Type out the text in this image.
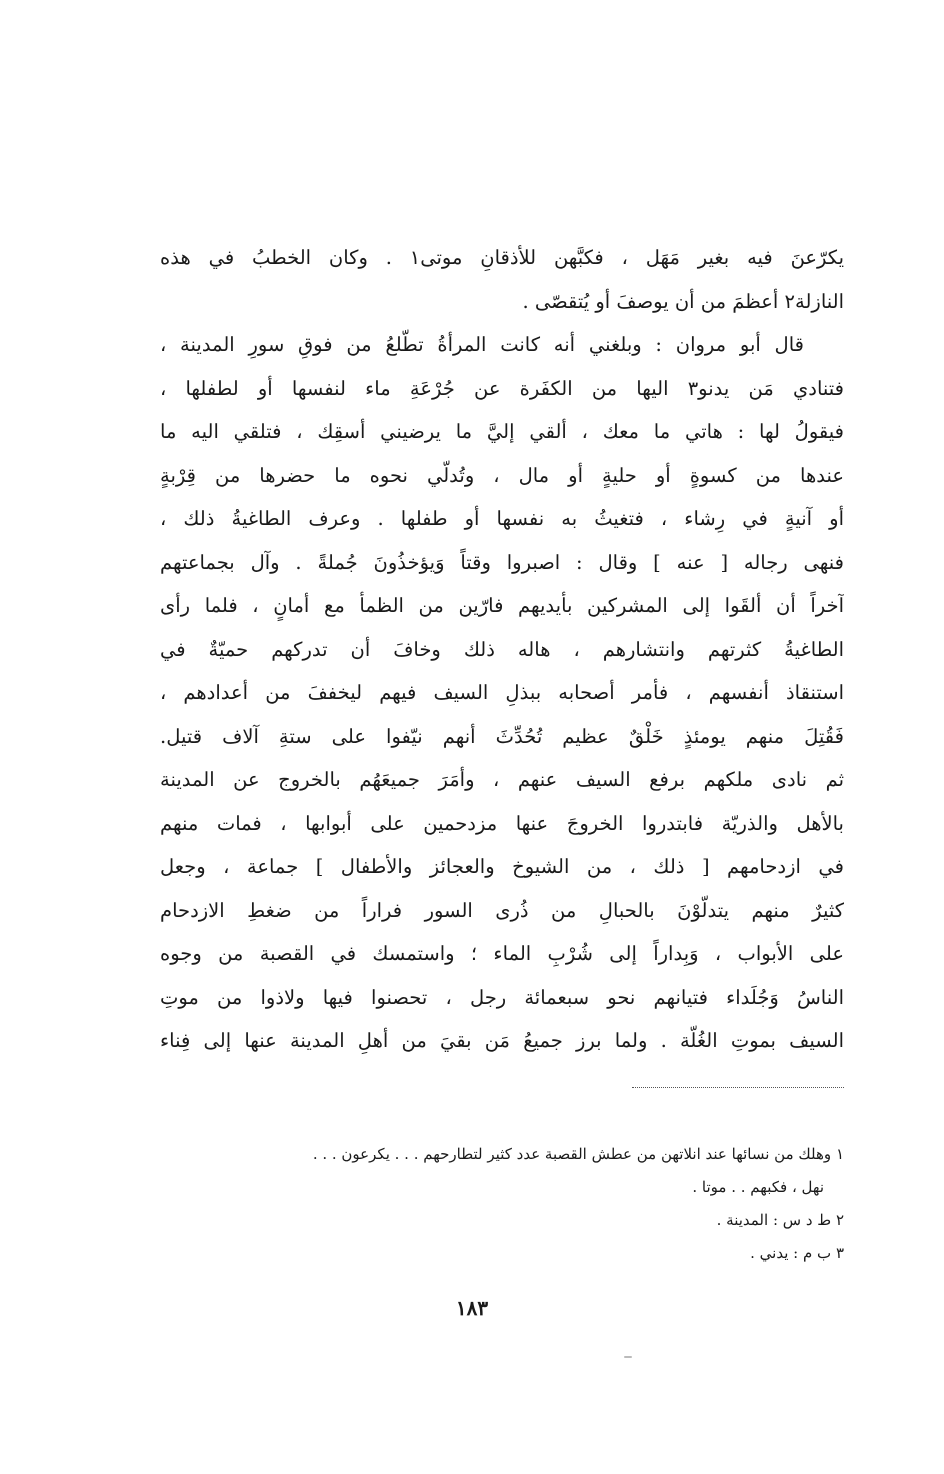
يكرّعنَ فيه بغير مَهَل ، فكبَّهن للأذقانِ موتى١ . وكان الخطبُ في هذه
النازلة٢ أعظمَ من أن يوصفَ أو يُتقصّى .
قال أبو مروان : وبلغني أنه كانت المرأةُ تطّلعُ من فوقِ سورِ المدينة ،
فتنادي مَن يدنو٣ اليها من الكفَرة عن جُرْعَةِ ماء لنفسها أو لطفلها ،
فيقولُ لها : هاتي ما معك ، ألقي إليَّ ما يرضيني أسقِك ، فتلقي اليه ما
عندها من كسوةٍ أو حليةٍ أو مال ، وتُدلّي نحوه ما حضرها من قِرْبةٍ
أو آنيةٍ في رِشاء ، فتغيثُ به نفسها أو طفلها . وعرف الطاغيةُ ذلك ،
فنهى رجاله [ عنه ] وقال : اصبروا وقتاً وَيؤخذُونَ جُملةً . وآل بجماعتهم
آخراً أن ألقَوا إلى المشركين بأيديهم فارّين من الظمأ مع أمانٍ ، فلما رأى
الطاغيةُ كثرتهم وانتشارهم ، هاله ذلك وخافَ أن تدركهم حميّةٌ في
استنقاذ أنفسهم ، فأمر أصحابه ببذلِ السيف فيهم ليخففَ من أعدادهم ،
فَقُتِلَ منهم يومئذٍ خَلْقٌ عظيم تُحُدِّثَ أنهم نيّفوا على ستةِ آلاف قتيل.
ثم نادى ملكهم برفع السيف عنهم ، وأمَرَ جميعَهُم بالخروج عن المدينة
بالأهل والذريّة فابتدروا الخروجَ عنها مزدحمين على أبوابها ، فمات منهم
في ازدحامهم [ ذلك ، من الشيوخ والعجائز والأطفال ] جماعة ، وجعل
كثيرٌ منهم يتدلّوْنَ بالحبالِ من ذُرى السور فراراً من ضغطِ الازدحام
على الأبواب ، وَبِداراً إلى شُرْبِ الماء ؛ واستمسك في القصبة من وجوه
الناسُ وَجُلَداء فتيانهم نحو سبعمائة رجل ، تحصنوا فيها ولاذوا من موتِ
السيف بموتِ الغُلّة . ولما برز جميعُ مَن بقيَ من أهلِ المدينة عنها إلى فِناء
١ وهلك من نسائها عند انلاتهن من عطش القصبة عدد كثير لتطارحهم . . . يكرعون . . .
نهل ، فكبهم . . موتا .
٢ ط د س : المدينة .
٣ ب م : يدني .
١٨٣
